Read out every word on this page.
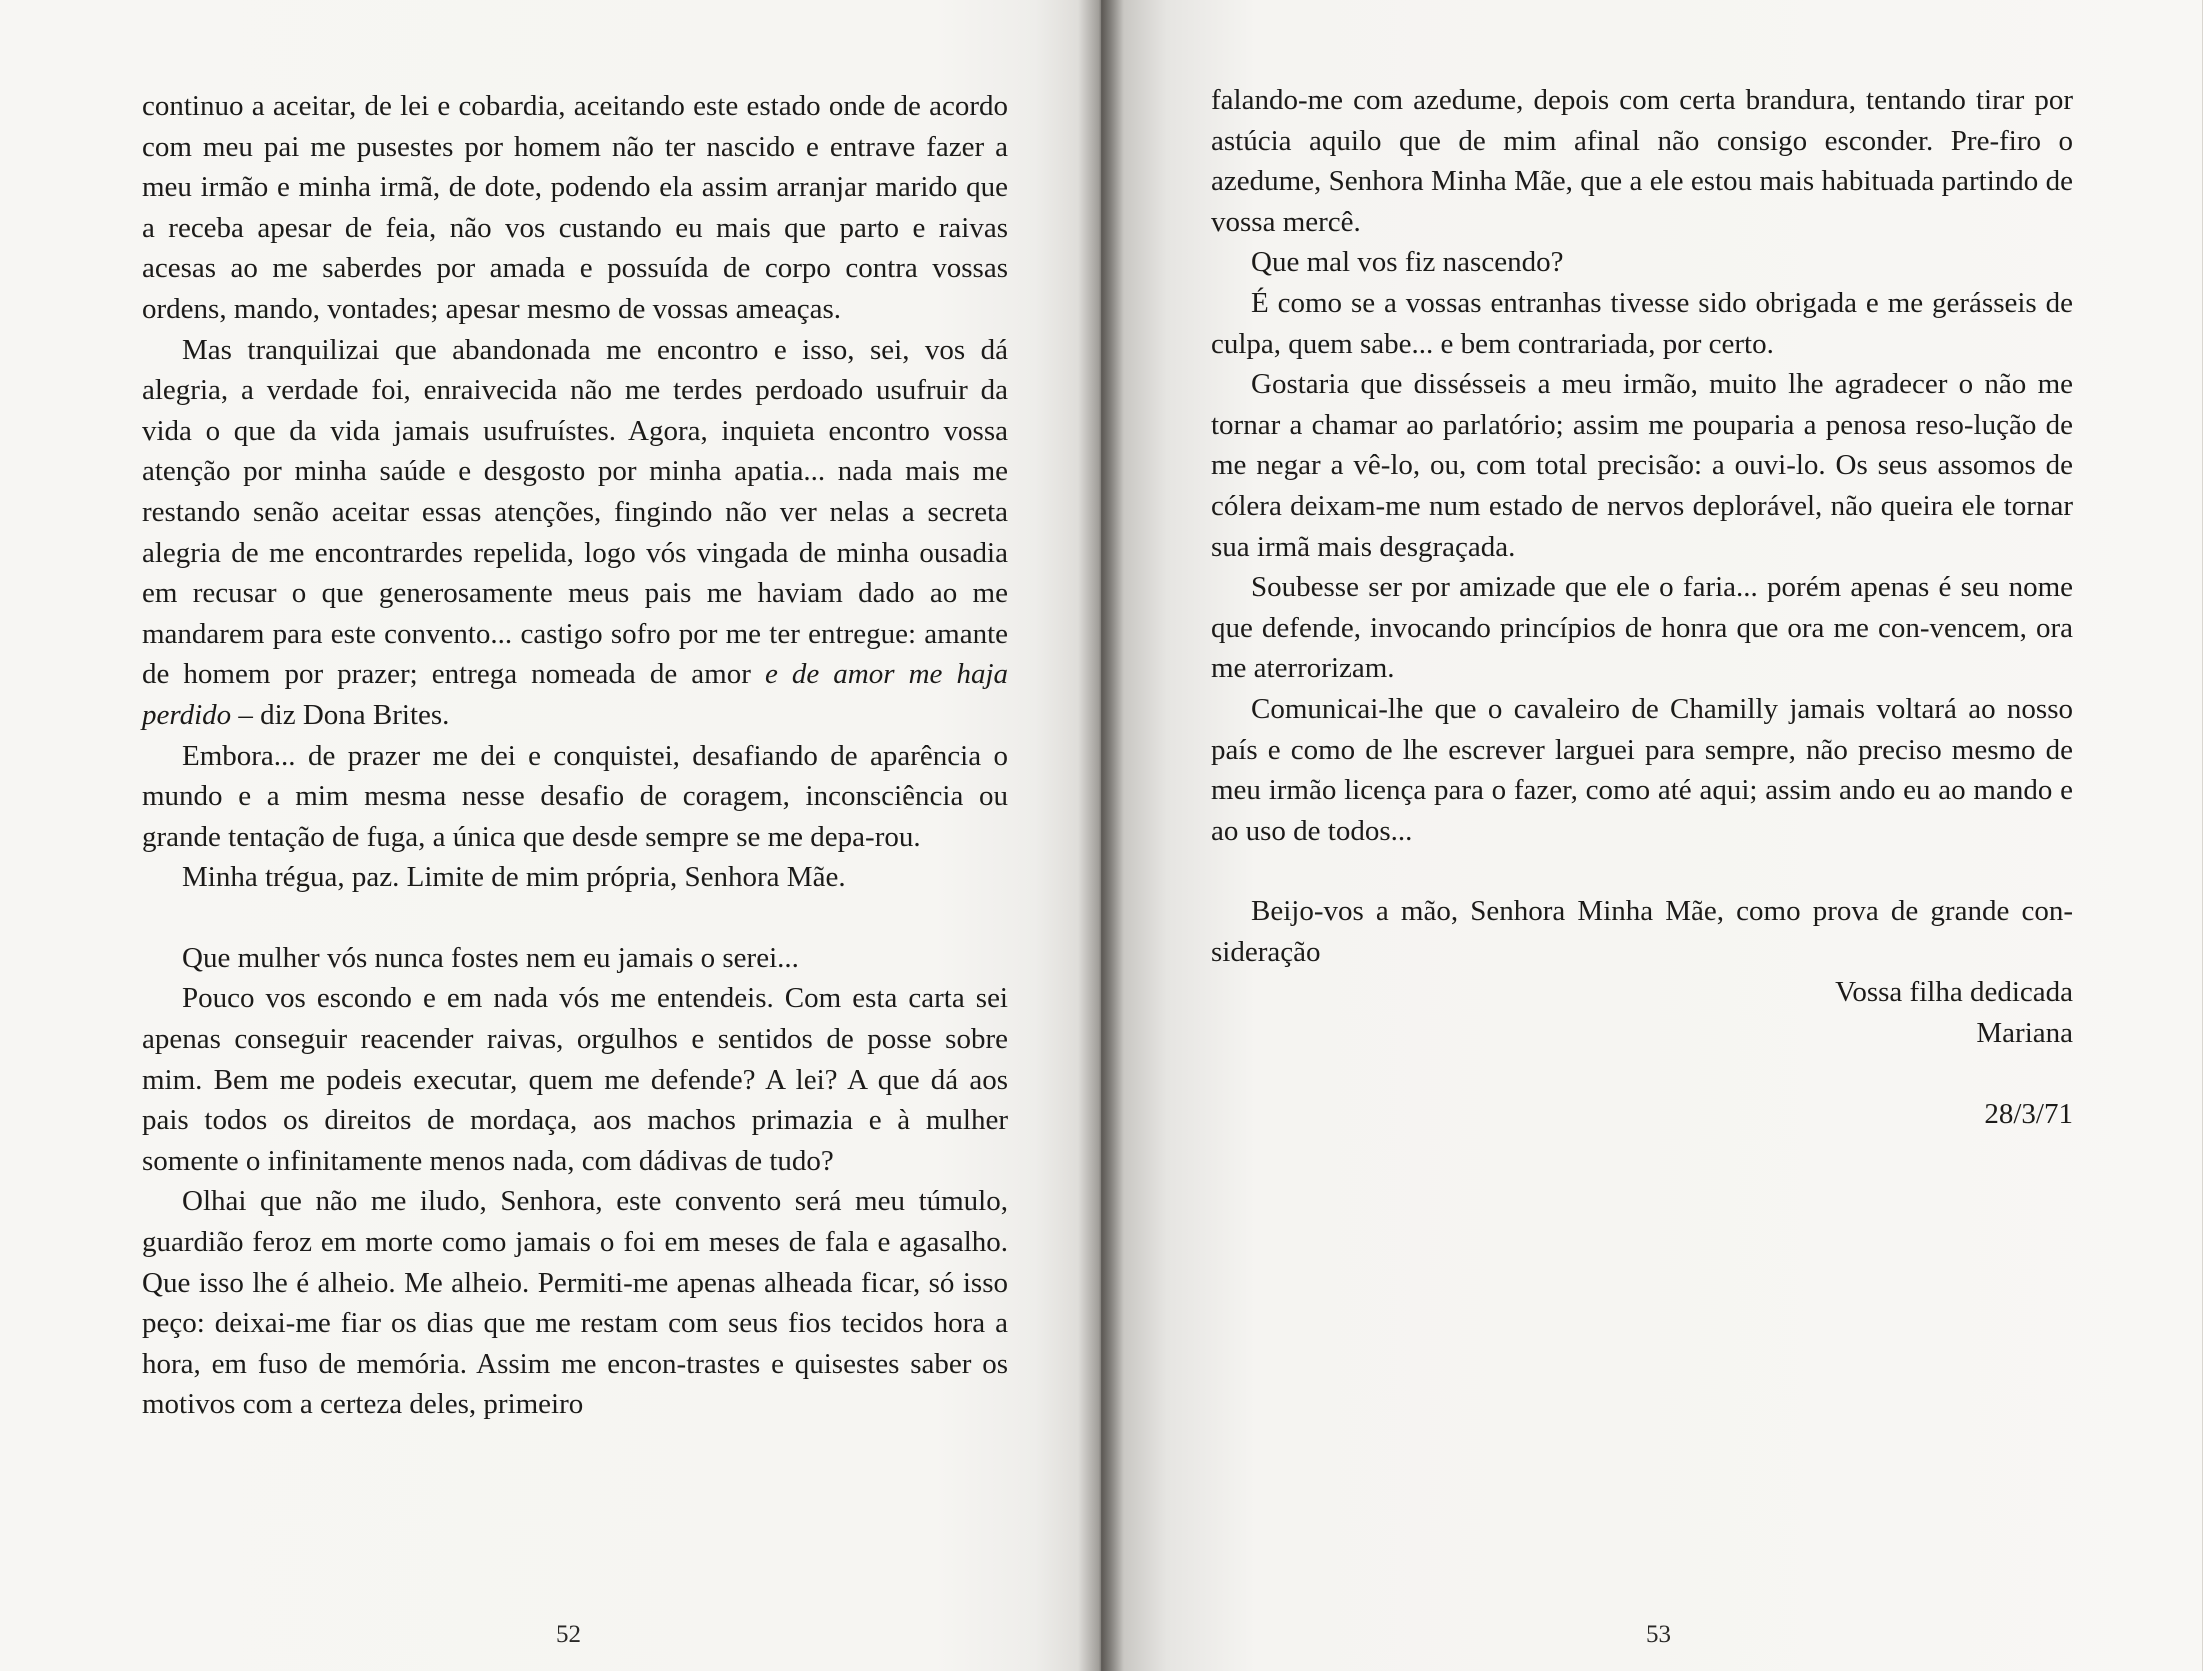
continuo a aceitar, de lei e cobardia, aceitando este estado onde de acordo com meu pai me pusestes por homem não ter nascido e entrave fazer a meu irmão e minha irmã, de dote, podendo ela assim arranjar marido que a receba apesar de feia, não vos custando eu mais que parto e raivas acesas ao me saberdes por amada e possuída de corpo contra vossas ordens, mando, vontades; apesar mesmo de vossas ameaças.

Mas tranquilizai que abandonada me encontro e isso, sei, vos dá alegria, a verdade foi, enraivecida não me terdes perdoado usufruir da vida o que da vida jamais usufruístes. Agora, inquieta encontro vossa atenção por minha saúde e desgosto por minha apatia... nada mais me restando senão aceitar essas atenções, fingindo não ver nelas a secreta alegria de me encontrardes repelida, logo vós vingada de minha ousadia em recusar o que generosamente meus pais me haviam dado ao me mandarem para este convento... castigo sofro por me ter entregue: amante de homem por prazer; entrega nomeada de amor e de amor me haja perdido – diz Dona Brites.

Embora... de prazer me dei e conquistei, desafiando de aparência o mundo e a mim mesma nesse desafio de coragem, inconsciência ou grande tentação de fuga, a única que desde sempre se me depa-rou.

Minha trégua, paz. Limite de mim própria, Senhora Mãe.

Que mulher vós nunca fostes nem eu jamais o serei...

Pouco vos escondo e em nada vós me entendeis. Com esta carta sei apenas conseguir reacender raivas, orgulhos e sentidos de posse sobre mim. Bem me podeis executar, quem me defende? A lei? A que dá aos pais todos os direitos de mordaça, aos machos primazia e à mulher somente o infinitamente menos nada, com dádivas de tudo?

Olhai que não me iludo, Senhora, este convento será meu túmulo, guardião feroz em morte como jamais o foi em meses de fala e agasalho. Que isso lhe é alheio. Me alheio. Permiti-me apenas alheada ficar, só isso peço: deixai-me fiar os dias que me restam com seus fios tecidos hora a hora, em fuso de memória. Assim me encon-trastes e quisestes saber os motivos com a certeza deles, primeiro

52

falando-me com azedume, depois com certa brandura, tentando tirar por astúcia aquilo que de mim afinal não consigo esconder. Pre-firo o azedume, Senhora Minha Mãe, que a ele estou mais habituada partindo de vossa mercê.

Que mal vos fiz nascendo?

É como se a vossas entranhas tivesse sido obrigada e me gerásseis de culpa, quem sabe... e bem contrariada, por certo.

Gostaria que dissésseis a meu irmão, muito lhe agradecer o não me tornar a chamar ao parlatório; assim me pouparia a penosa reso-lução de me negar a vê-lo, ou, com total precisão: a ouvi-lo. Os seus assomos de cólera deixam-me num estado de nervos deplorável, não queira ele tornar sua irmã mais desgraçada.

Soubesse ser por amizade que ele o faria... porém apenas é seu nome que defende, invocando princípios de honra que ora me con-vencem, ora me aterrorizam.

Comunicai-lhe que o cavaleiro de Chamilly jamais voltará ao nosso país e como de lhe escrever larguei para sempre, não preciso mesmo de meu irmão licença para o fazer, como até aqui; assim ando eu ao mando e ao uso de todos...

Beijo-vos a mão, Senhora Minha Mãe, como prova de grande con-sideração

Vossa filha dedicada

Mariana

28/3/71

53
